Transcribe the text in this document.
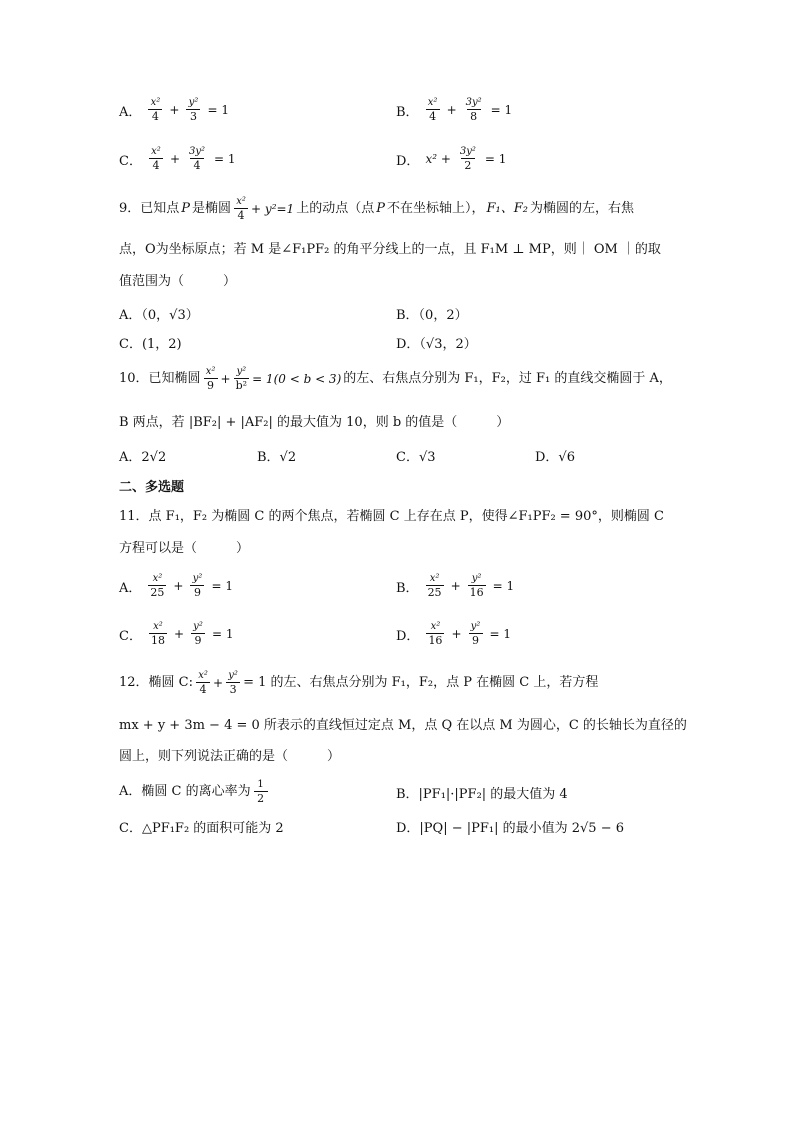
A． $\frac{\text{x²}}{4} + \frac{\text{y²}}{3} = 1$	B． $\frac{\text{x²}}{4} + \frac{\text{3y²}}{8} = 1$
C． $\frac{\text{x²}}{4} + \frac{\text{3y²}}{4} = 1$	D． $x^2 + \frac{\text{3y²}}{2} = 1$
9．已知点 P 是椭圆 $\frac{\text{x²}}{4} + y^2=1$ 上的动点（点 P 不在坐标轴上）， F₁、F₂ 为椭圆的左，右焦
点，O为坐标原点；若 M 是∠F₁PF₂ 的角平分线上的一点，且 F₁M ⊥ MP，则｜ OM ｜的取
值范围为（　　　）
A．（0，√3）	B．（0，2）
C．(1，2)	D．（√3，2）
10．已知椭圆 $\frac{\text{x²}}{9} + \frac{\text{y²}}{\text{b²}} = 1(0 < b < 3)$ 的左、右焦点分别为 F₁，F₂，过 F₁ 的直线交椭圆于 A，
B 两点，若 |BF₂| + |AF₂| 的最大值为 10，则 b 的值是（　　　）
A．2√2	B．√2	C．√3	D．√6
二、多选题
11．点 F₁，F₂ 为椭圆 C 的两个焦点，若椭圆 C 上存在点 P，使得∠F₁PF₂ = 90°，则椭圆 C
方程可以是（　　　）
A． $\frac{\text{x²}}{25} + \frac{\text{y²}}{9} = 1$	B． $\frac{\text{x²}}{25} + \frac{\text{y²}}{16} = 1$
C． $\frac{\text{x²}}{18} + \frac{\text{y²}}{9} = 1$	D． $\frac{\text{x²}}{16} + \frac{\text{y²}}{9} = 1$
12．椭圆 C: $\frac{\text{x²}}{4} + \frac{\text{y²}}{3} = 1$ 的左、右焦点分别为 F₁，F₂，点 P 在椭圆 C 上，若方程
mx + y + 3m − 4 = 0 所表示的直线恒过定点 M，点 Q 在以点 M 为圆心，C 的长轴长为直径的
圆上，则下列说法正确的是（　　　）
A．椭圆 C 的离心率为 $\frac{1}{2}$	B．|PF₁|·|PF₂| 的最大值为 4
C．△PF₁F₂ 的面积可能为 2	D．|PQ| − |PF₁| 的最小值为 2√5 − 6
